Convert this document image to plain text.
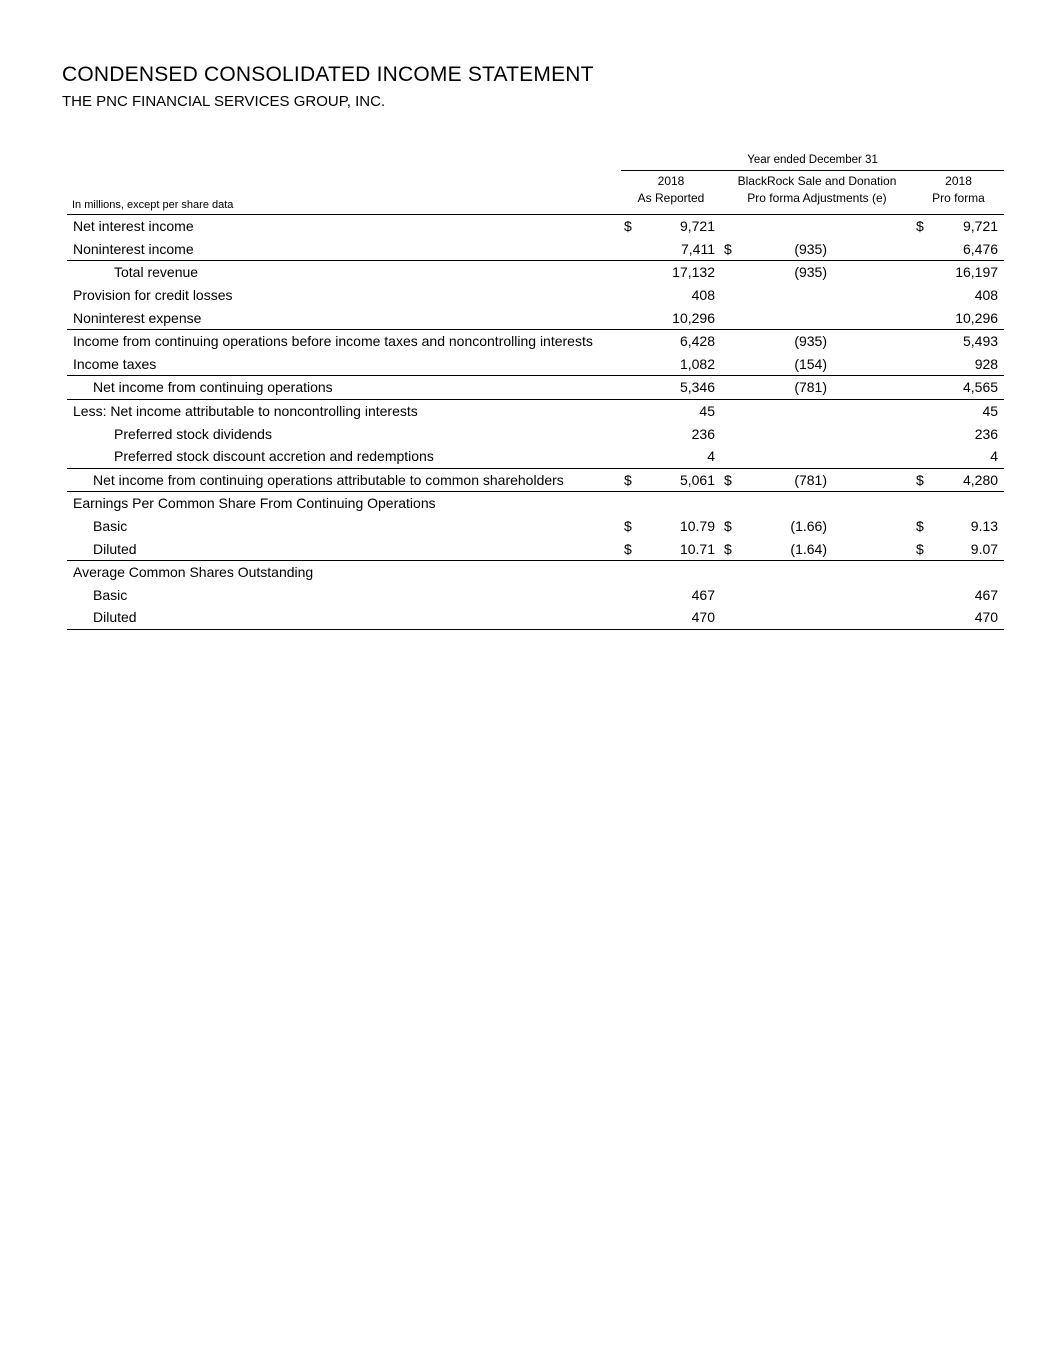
CONDENSED CONSOLIDATED INCOME STATEMENT
THE PNC FINANCIAL SERVICES GROUP, INC.
	Year ended December 31						
	2018		BlackRock Sale and Donation			2018	
In millions, except per share data	As Reported		Pro forma Adjustments (e)			Pro forma	
Net interest income	$	9,721				$	9,721
Noninterest income		7,411	$	(935)			6,476
Total revenue		17,132		(935)			16,197
Provision for credit losses		408					408
Noninterest expense		10,296					10,296
Income from continuing operations before income taxes and noncontrolling interests		6,428		(935)			5,493
Income taxes		1,082		(154)			928
Net income from continuing operations		5,346		(781)			4,565
Less: Net income attributable to noncontrolling interests		45					45
Preferred stock dividends		236					236
Preferred stock discount accretion and redemptions		4					4
Net income from continuing operations attributable to common shareholders	$	5,061	$	(781)		$	4,280
Earnings Per Common Share From Continuing Operations							
Basic	$	10.79	$	(1.66)		$	9.13
Diluted	$	10.71	$	(1.64)		$	9.07
Average Common Shares Outstanding							
Basic		467					467
Diluted		470					470
